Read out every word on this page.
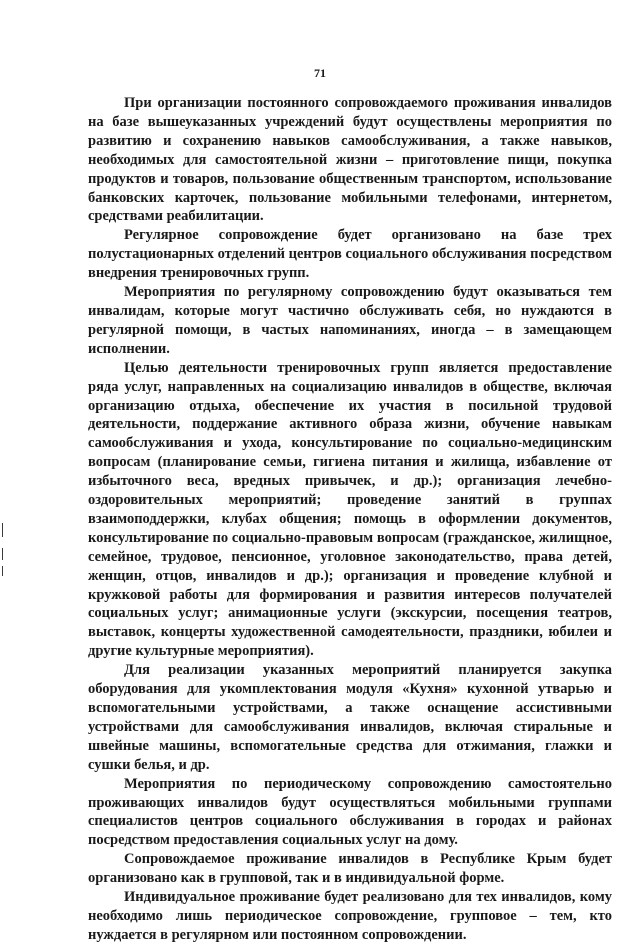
71

При организации постоянного сопровождаемого проживания инвалидов на базе вышеуказанных учреждений будут осуществлены мероприятия по развитию и сохранению навыков самообслуживания, а также навыков, необходимых для самостоятельной жизни – приготовление пищи, покупка продуктов и товаров, пользование общественным транспортом, использование банковских карточек, пользование мобильными телефонами, интернетом, средствами реабилитации.

Регулярное сопровождение будет организовано на базе трех полустационарных отделений центров социального обслуживания посредством внедрения тренировочных групп.

Мероприятия по регулярному сопровождению будут оказываться тем инвалидам, которые могут частично обслуживать себя, но нуждаются в регулярной помощи, в частых напоминаниях, иногда – в замещающем исполнении.

Целью деятельности тренировочных групп является предоставление ряда услуг, направленных на социализацию инвалидов в обществе, включая организацию отдыха, обеспечение их участия в посильной трудовой деятельности, поддержание активного образа жизни, обучение навыкам самообслуживания и ухода, консультирование по социально-медицинским вопросам (планирование семьи, гигиена питания и жилища, избавление от избыточного веса, вредных привычек, и др.); организация лечебно-оздоровительных мероприятий; проведение занятий в группах взаимоподдержки, клубах общения; помощь в оформлении документов, консультирование по социально-правовым вопросам (гражданское, жилищное, семейное, трудовое, пенсионное, уголовное законодательство, права детей, женщин, отцов, инвалидов и др.); организация и проведение клубной и кружковой работы для формирования и развития интересов получателей социальных услуг; анимационные услуги (экскурсии, посещения театров, выставок, концерты художественной самодеятельности, праздники, юбилеи и другие культурные мероприятия).

Для реализации указанных мероприятий планируется закупка оборудования для укомплектования модуля «Кухня» кухонной утварью и вспомогательными устройствами, а также оснащение ассистивными устройствами для самообслуживания инвалидов, включая стиральные и швейные машины, вспомогательные средства для отжимания, глажки и сушки белья, и др.

Мероприятия по периодическому сопровождению самостоятельно проживающих инвалидов будут осуществляться мобильными группами специалистов центров социального обслуживания в городах и районах посредством предоставления социальных услуг на дому.

Сопровождаемое проживание инвалидов в Республике Крым будет организовано как в групповой, так и в индивидуальной форме.

Индивидуальное проживание будет реализовано для тех инвалидов, кому необходимо лишь периодическое сопровождение, групповое – тем, кто нуждается в регулярном или постоянном сопровождении.
